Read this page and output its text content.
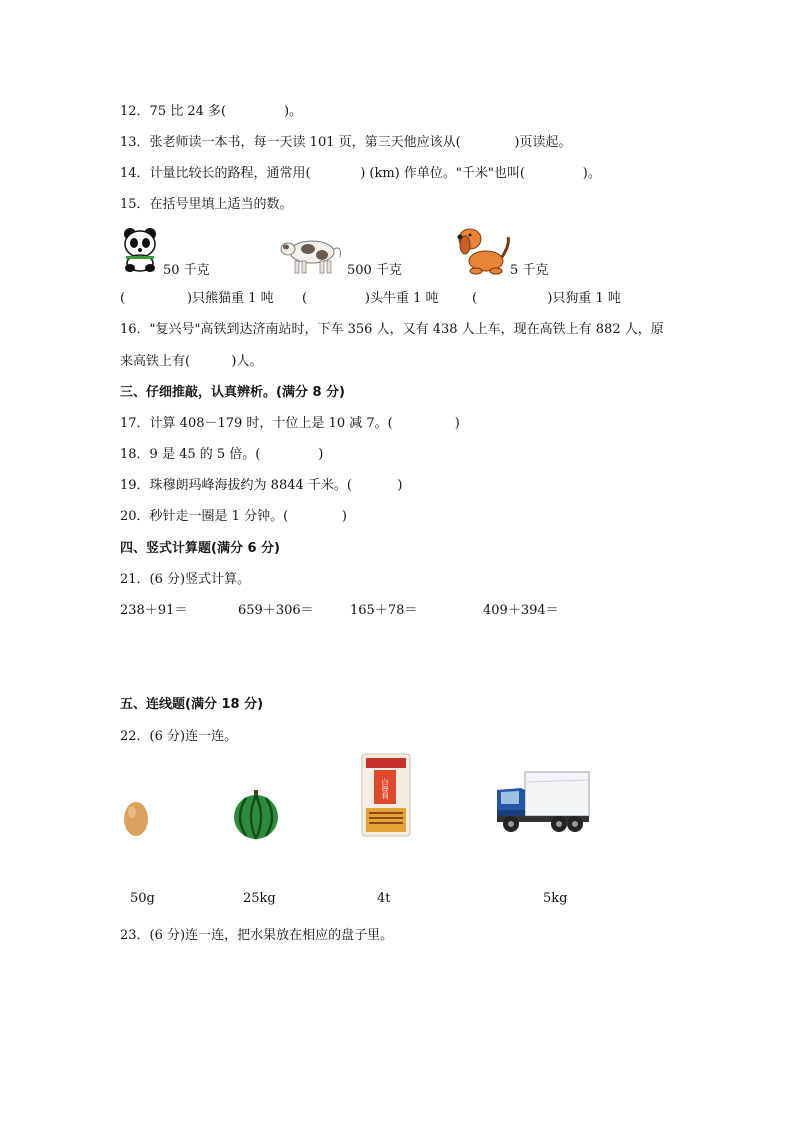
12．75 比 24 多(              )。
13．张老师读一本书，每一天读 101 页，第三天他应该从(             )页读起。
14．计量比较长的路程，通常用(            ) (km) 作单位。"千米"也叫(              )。
15．在括号里填上适当的数。
50 千克	500 千克	5 千克
(               )只熊猫重 1 吨 (              )头牛重 1 吨	(                 )只狗重 1 吨
16．"复兴号"高铁到达济南站时，下车 356 人，又有 438 人上车，现在高铁上有 882 人，原
来高铁上有(          )人。
三、仔细推敲，认真辨析。(满分 8 分)
17．计算 408－179 时，十位上是 10 减 7。(               )
18．9 是 45 的 5 倍。(              )
19．珠穆朗玛峰海拔约为 8844 千米。(           )
20．秒针走一圈是 1 分钟。(             )
四、竖式计算题(满分 6 分)
21．(6 分)竖式计算。
238＋91＝	659＋306＝	165＋78＝	409＋394＝
五、连线题(满分 18 分)
22．(6 分)连一连。
白得利
50g	25kg	4t	5kg
23．(6 分)连一连，把水果放在相应的盘子里。
